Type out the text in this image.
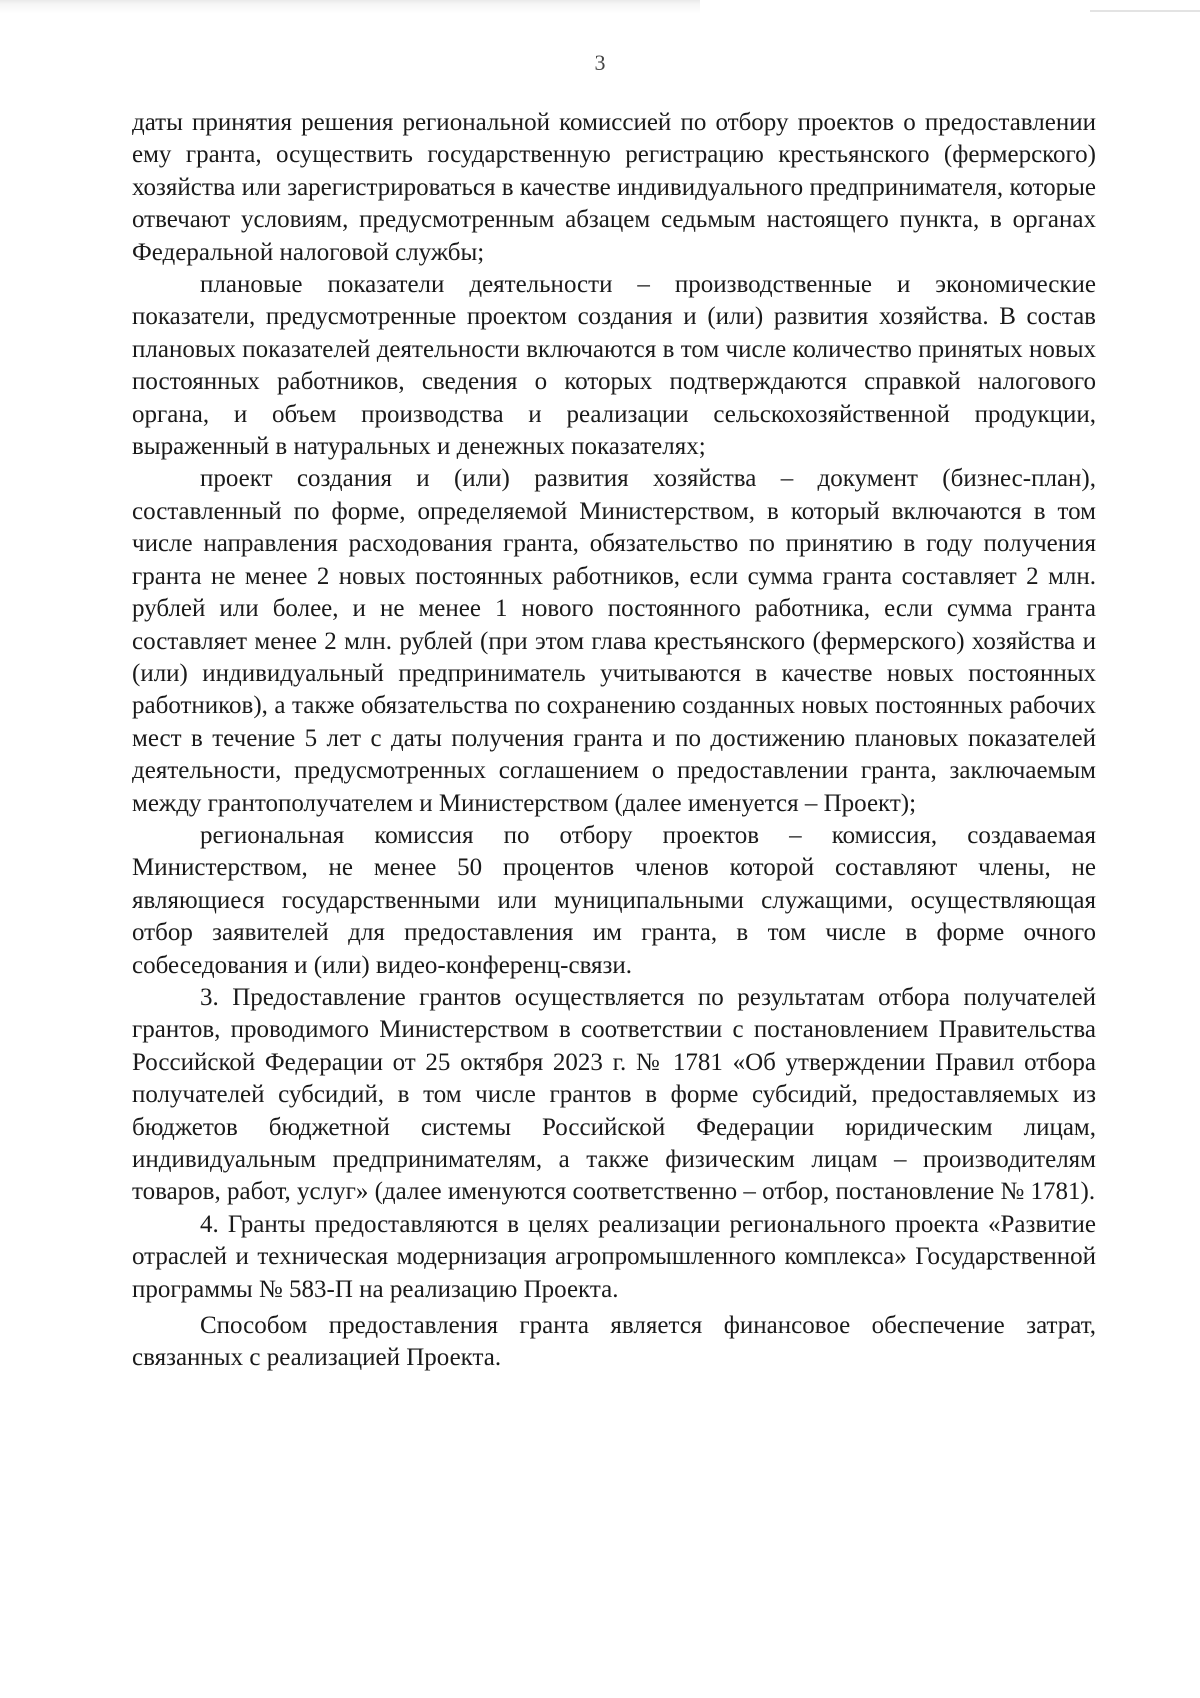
3

даты принятия решения региональной комиссией по отбору проектов о предоставлении ему гранта, осуществить государственную регистрацию крестьянского (фермерского) хозяйства или зарегистрироваться в качестве индивидуального предпринимателя, которые отвечают условиям, предусмотренным абзацем седьмым настоящего пункта, в органах Федеральной налоговой службы;

плановые показатели деятельности – производственные и экономические показатели, предусмотренные проектом создания и (или) развития хозяйства. В состав плановых показателей деятельности включаются в том числе количество принятых новых постоянных работников, сведения о которых подтверждаются справкой налогового органа, и объем производства и реализации сельскохозяйственной продукции, выраженный в натуральных и денежных показателях;

проект создания и (или) развития хозяйства – документ (бизнес-план), составленный по форме, определяемой Министерством, в который включаются в том числе направления расходования гранта, обязательство по принятию в году получения гранта не менее 2 новых постоянных работников, если сумма гранта составляет 2 млн. рублей или более, и не менее 1 нового постоянного работника, если сумма гранта составляет менее 2 млн. рублей (при этом глава крестьянского (фермерского) хозяйства и (или) индивидуальный предприниматель учитываются в качестве новых постоянных работников), а также обязательства по сохранению созданных новых постоянных рабочих мест в течение 5 лет с даты получения гранта и по достижению плановых показателей деятельности, предусмотренных соглашением о предоставлении гранта, заключаемым между грантополучателем и Министерством (далее именуется – Проект);

региональная комиссия по отбору проектов – комиссия, создаваемая Министерством, не менее 50 процентов членов которой составляют члены, не являющиеся государственными или муниципальными служащими, осуществляющая отбор заявителей для предоставления им гранта, в том числе в форме очного собеседования и (или) видео-конференц-связи.

3. Предоставление грантов осуществляется по результатам отбора получателей грантов, проводимого Министерством в соответствии с постановлением Правительства Российской Федерации от 25 октября 2023 г. № 1781 «Об утверждении Правил отбора получателей субсидий, в том числе грантов в форме субсидий, предоставляемых из бюджетов бюджетной системы Российской Федерации юридическим лицам, индивидуальным предпринимателям, а также физическим лицам – производителям товаров, работ, услуг» (далее именуются соответственно – отбор, постановление № 1781).

4. Гранты предоставляются в целях реализации регионального проекта «Развитие отраслей и техническая модернизация агропромышленного комплекса» Государственной программы № 583-П на реализацию Проекта.

Способом предоставления гранта является финансовое обеспечение затрат, связанных с реализацией Проекта.
